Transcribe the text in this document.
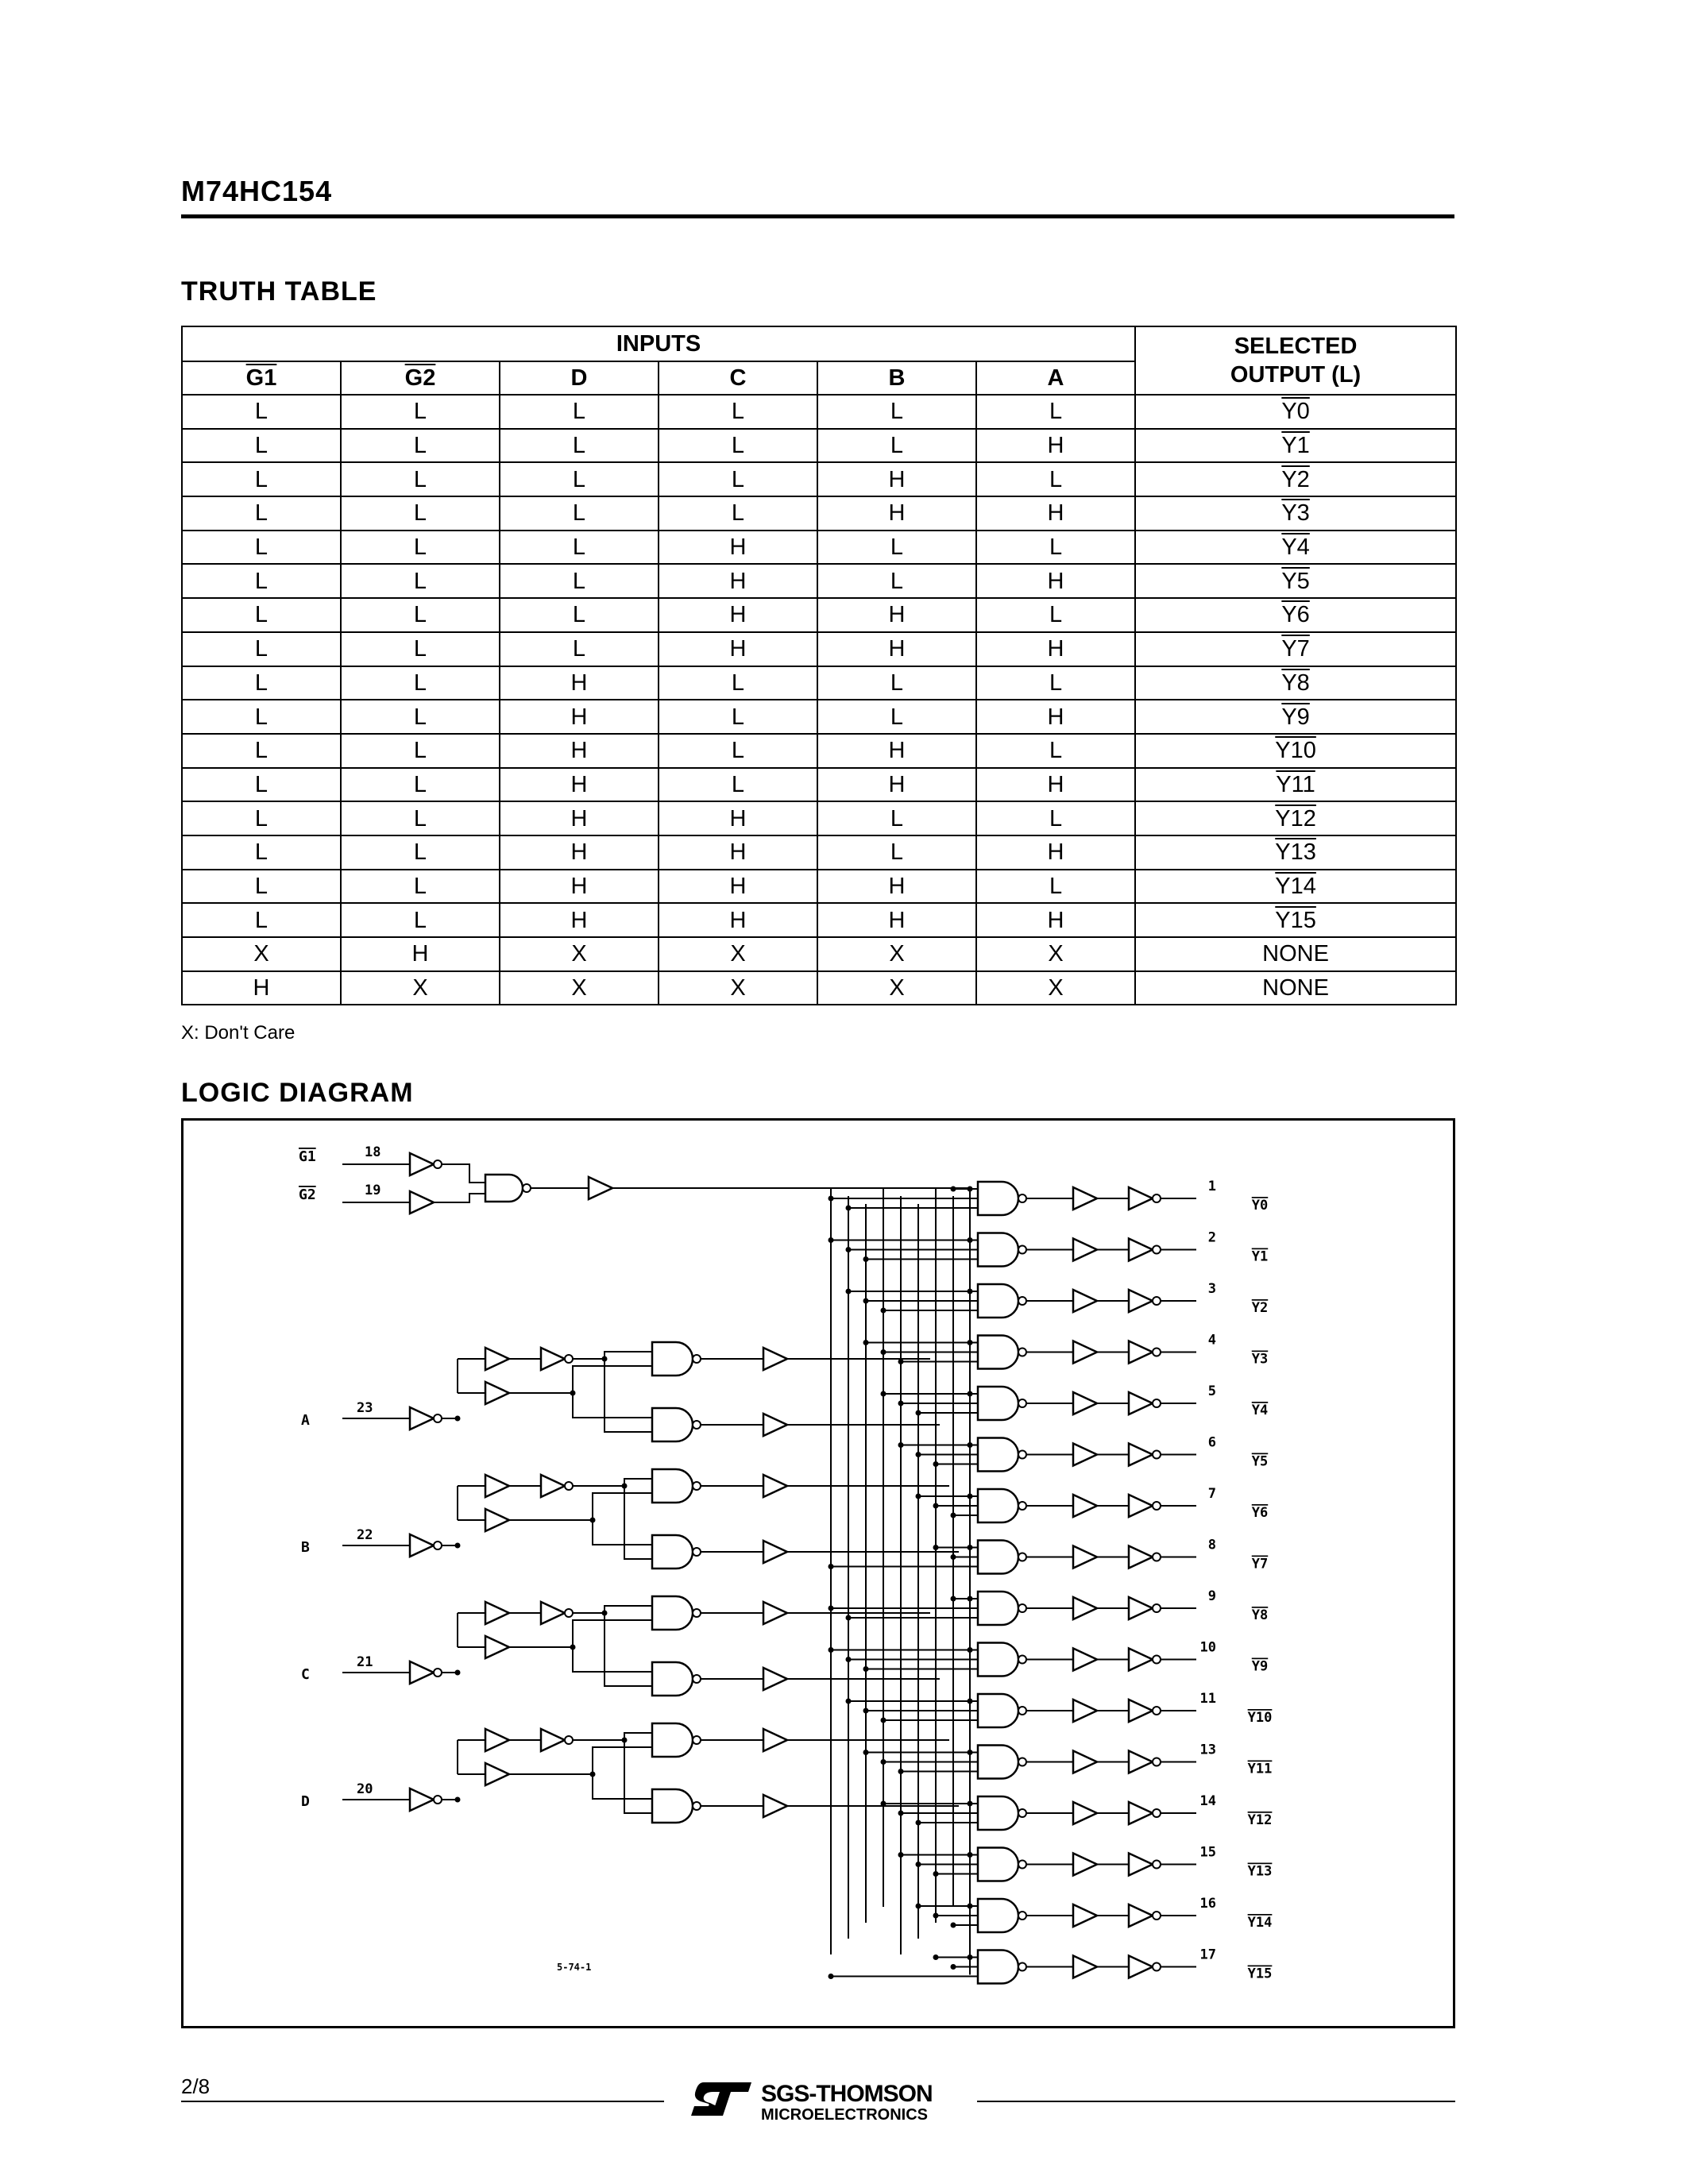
M74HC154
TRUTH TABLE
INPUTS						SELECTED
OUTPUT (L)
G1	G2	D	C	B	A	
L	L	L	L	L	L	Y0
L	L	L	L	L	H	Y1
L	L	L	L	H	L	Y2
L	L	L	L	H	H	Y3
L	L	L	H	L	L	Y4
L	L	L	H	L	H	Y5
L	L	L	H	H	L	Y6
L	L	L	H	H	H	Y7
L	L	H	L	L	L	Y8
L	L	H	L	L	H	Y9
L	L	H	L	H	L	Y10
L	L	H	L	H	H	Y11
L	L	H	H	L	L	Y12
L	L	H	H	L	H	Y13
L	L	H	H	H	L	Y14
L	L	H	H	H	H	Y15
X	H	X	X	X	X	NONE
H	X	X	X	X	X	NONE
X: Don't Care
LOGIC DIAGRAM
G1
G2
18
19
A
23
B
22
C
21
D
20
1
Y0
2
Y1
3
Y2
4
Y3
5
Y4
6
Y5
7
Y6
8
Y7
9
Y8
10
Y9
11
Y10
13
Y11
14
Y12
15
Y13
16
Y14
17
Y15
5-74-1
2/8	SGS-THOMSON
MICROELECTRONICS
